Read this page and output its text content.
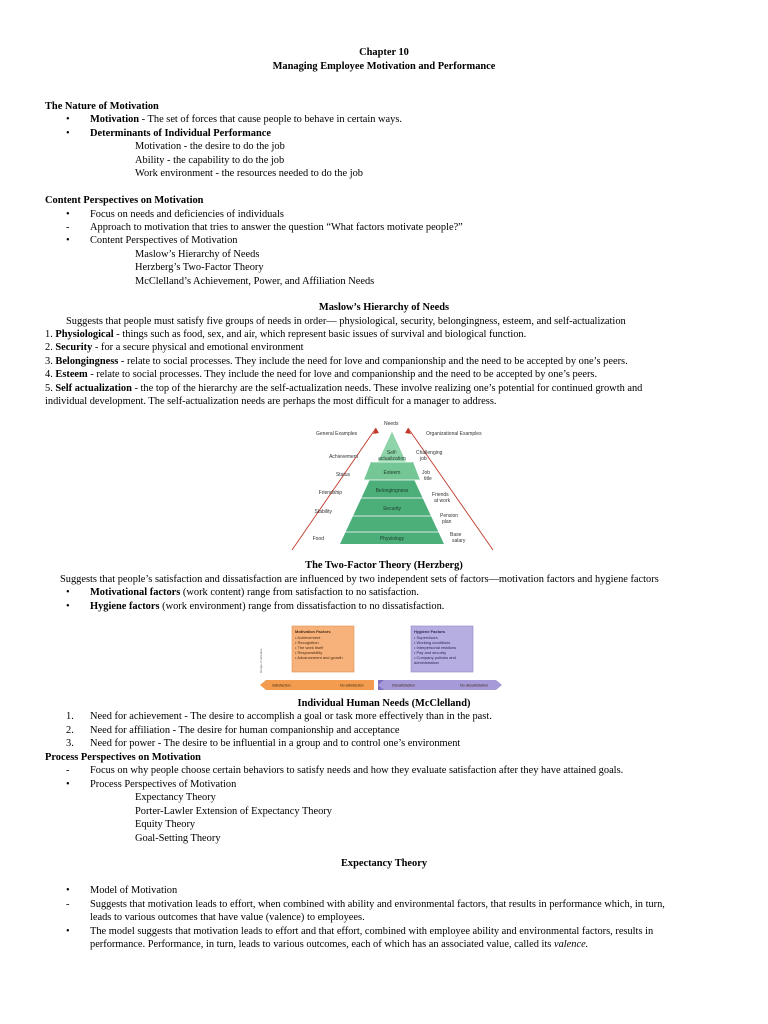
Chapter 10
Managing Employee Motivation and Performance
The Nature of Motivation
• Motivation - The set of forces that cause people to behave in certain ways.
• Determinants of Individual Performance
Motivation - the desire to do the job
Ability - the capability to do the job
Work environment - the resources needed to do the job
Content Perspectives on Motivation
• Focus on needs and deficiencies of individuals
- Approach to motivation that tries to answer the question “What factors motivate people?”
• Content Perspectives of Motivation
Maslow’s Hierarchy of Needs
Herzberg’s Two-Factor Theory
McClelland’s Achievement, Power, and Affiliation Needs
Maslow’s Hierarchy of Needs
Suggests that people must satisfy five groups of needs in order— physiological, security, belongingness, esteem, and self-actualization
1. Physiological - things such as food, sex, and air, which represent basic issues of survival and biological function.
2. Security - for a secure physical and emotional environment
3. Belongingness - relate to social processes. They include the need for love and companionship and the need to be accepted by one’s peers.
4. Esteem - relate to social processes. They include the need for love and companionship and the need to be accepted by one’s peers.
5. Self actualization - the top of the hierarchy are the self-actualization needs. These involve realizing one’s potential for continued growth and
individual development. The self-actualization needs are perhaps the most difficult for a manager to address.
Needs
General Examples	Organizational Examples
Self-
actualization
Esteem
Belongingness
Security
Physiology
Achievement
Status
Friendship
Stability
Food
Challenging
job
Job
title
Friends
at work
Pension
plan
Base
salary
The Two-Factor Theory (Herzberg)
Suggests that people’s satisfaction and dissatisfaction are influenced by two independent sets of factors—motivation factors and hygiene factors
• Motivational factors (work content) range from satisfaction to no satisfaction.
• Hygiene factors (work environment) range from dissatisfaction to no dissatisfaction.
Motivation Factors
• Achievement
• Recognition
• The work itself
• Responsibility
• Advancement and growth
Hygiene Factors
• Supervisors
• Working conditions
• Interpersonal relations
• Pay and security
• Company policies and
administration
Range of attitudes
Satisfaction	No satisfaction	Dissatisfaction	No dissatisfaction
Individual Human Needs (McClelland)
1. Need for achievement - The desire to accomplish a goal or task more effectively than in the past.
2. Need for affiliation - The desire for human companionship and acceptance
3. Need for power - The desire to be influential in a group and to control one’s environment
Process Perspectives on Motivation
- Focus on why people choose certain behaviors to satisfy needs and how they evaluate satisfaction after they have attained goals.
• Process Perspectives of Motivation
Expectancy Theory
Porter-Lawler Extension of Expectancy Theory
Equity Theory
Goal-Setting Theory
Expectancy Theory
• Model of Motivation
- Suggests that motivation leads to effort, when combined with ability and environmental factors, that results in performance which, in turn,
leads to various outcomes that have value (valence) to employees.
• The model suggests that motivation leads to effort and that effort, combined with employee ability and environmental factors, results in
performance. Performance, in turn, leads to various outcomes, each of which has an associated value, called its valence.
